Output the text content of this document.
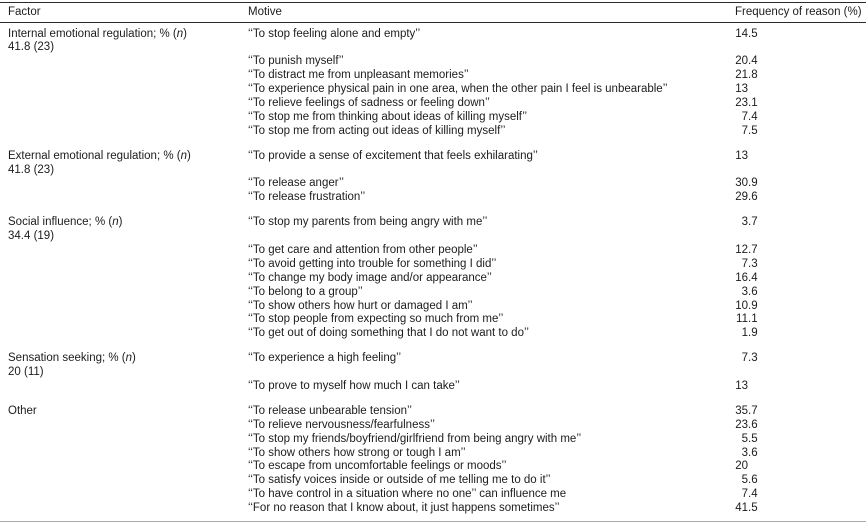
Factor	Motive	Frequency of reason (%)
Internal emotional regulation; % (n)
41.8 (23)
‘‘To stop feeling alone and empty’’	14.5
‘‘To punish myself’’	20.4
‘‘To distract me from unpleasant memories’’	21.8
‘‘To experience physical pain in one area, when the other pain I feel is unbearable’’	13
‘‘To relieve feelings of sadness or feeling down’’	23.1
‘‘To stop me from thinking about ideas of killing myself’’	7.4
‘‘To stop me from acting out ideas of killing myself’’	7.5
External emotional regulation; % (n)
41.8 (23)
‘‘To provide a sense of excitement that feels exhilarating’’	13
‘‘To release anger’’	30.9
‘‘To release frustration’’	29.6
Social influence; % (n)
34.4 (19)
‘‘To stop my parents from being angry with me’’	3.7
‘‘To get care and attention from other people’’	12.7
‘‘To avoid getting into trouble for something I did’’	7.3
‘‘To change my body image and/or appearance’’	16.4
‘‘To belong to a group’’	3.6
‘‘To show others how hurt or damaged I am’’	10.9
‘‘To stop people from expecting so much from me’’	11.1
‘‘To get out of doing something that I do not want to do’’	1.9
Sensation seeking; % (n)
20 (11)
‘‘To experience a high feeling’’	7.3
‘‘To prove to myself how much I can take’’	13
Other	‘‘To release unbearable tension’’	35.7
‘‘To relieve nervousness/fearfulness’’	23.6
‘‘To stop my friends/boyfriend/girlfriend from being angry with me’’	5.5
‘‘To show others how strong or tough I am’’	3.6
‘‘To escape from uncomfortable feelings or moods’’	20
‘‘To satisfy voices inside or outside of me telling me to do it’’	5.6
‘‘To have control in a situation where no one’’ can influence me	7.4
‘‘For no reason that I know about, it just happens sometimes’’	41.5
